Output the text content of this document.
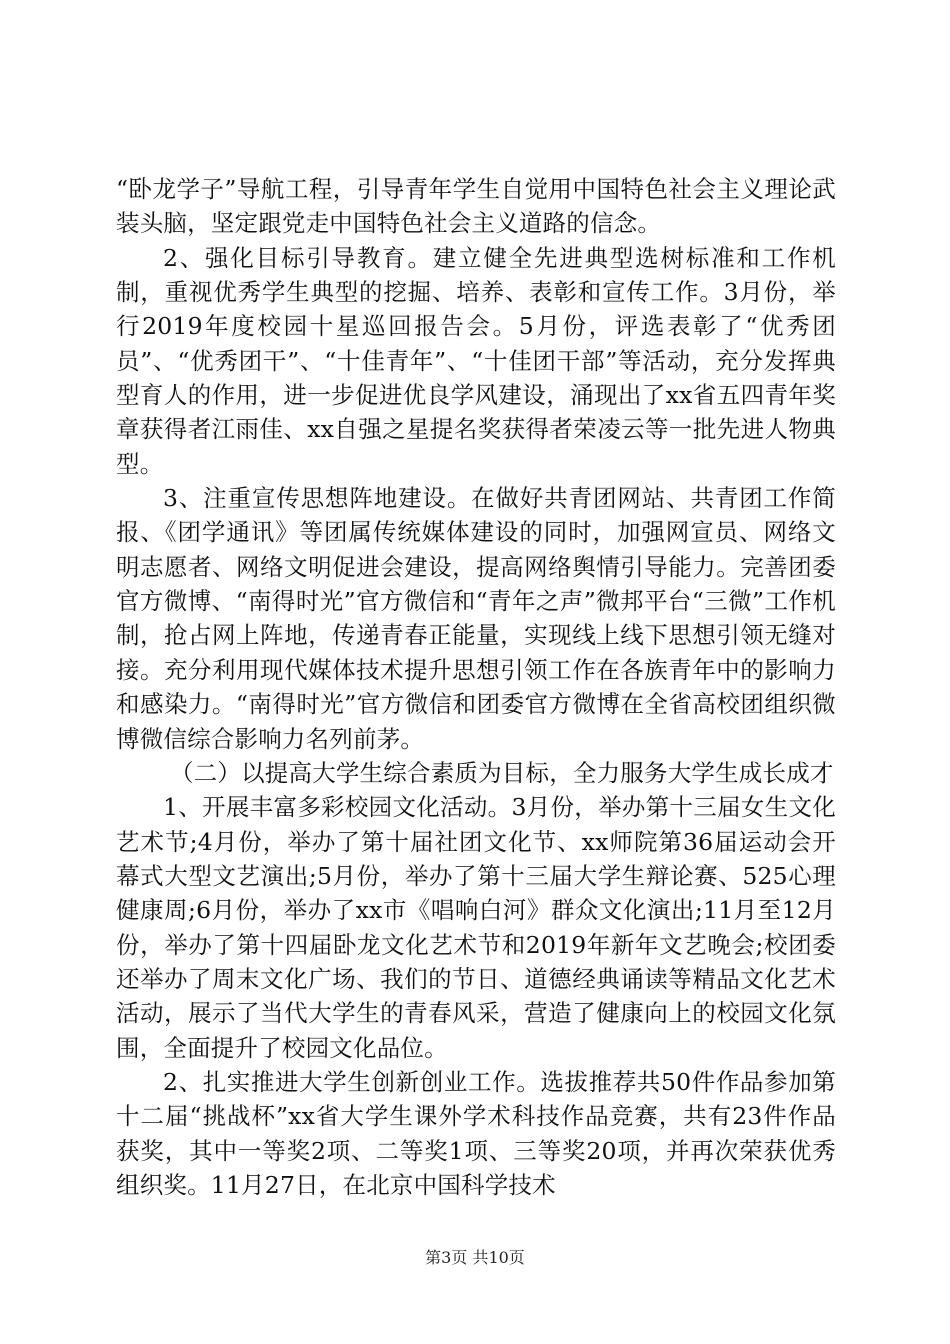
“卧龙学子”导航工程，引导青年学生自觉用中国特色社会主义理论武装头脑，坚定跟党走中国特色社会主义道路的信念。

2、强化目标引导教育。建立健全先进典型选树标准和工作机制，重视优秀学生典型的挖掘、培养、表彰和宣传工作。3月份，举行2019年度校园十星巡回报告会。5月份，评选表彰了“优秀团员”、“优秀团干”、“十佳青年”、“十佳团干部”等活动，充分发挥典型育人的作用，进一步促进优良学风建设，涌现出了xx省五四青年奖章获得者江雨佳、xx自强之星提名奖获得者荣凌云等一批先进人物典型。

3、注重宣传思想阵地建设。在做好共青团网站、共青团工作简报、《团学通讯》等团属传统媒体建设的同时，加强网宣员、网络文明志愿者、网络文明促进会建设，提高网络舆情引导能力。完善团委官方微博、“南得时光”官方微信和“青年之声”微邦平台“三微”工作机制，抢占网上阵地，传递青春正能量，实现线上线下思想引领无缝对接。充分利用现代媒体技术提升思想引领工作在各族青年中的影响力和感染力。“南得时光”官方微信和团委官方微博在全省高校团组织微博微信综合影响力名列前茅。

（二）以提高大学生综合素质为目标，全力服务大学生成长成才

1、开展丰富多彩校园文化活动。3月份，举办第十三届女生文化艺术节;4月份，举办了第十届社团文化节、xx师院第36届运动会开幕式大型文艺演出;5月份，举办了第十三届大学生辩论赛、525心理健康周;6月份，举办了xx市《唱响白河》群众文化演出;11月至12月份，举办了第十四届卧龙文化艺术节和2019年新年文艺晚会;校团委还举办了周末文化广场、我们的节日、道德经典诵读等精品文化艺术活动，展示了当代大学生的青春风采，营造了健康向上的校园文化氛围，全面提升了校园文化品位。

2、扎实推进大学生创新创业工作。选拔推荐共50件作品参加第十二届“挑战杯”xx省大学生课外学术科技作品竞赛，共有23件作品获奖，其中一等奖2项、二等奖1项、三等奖20项，并再次荣获优秀组织奖。11月27日，在北京中国科学技术

第3页 共10页
